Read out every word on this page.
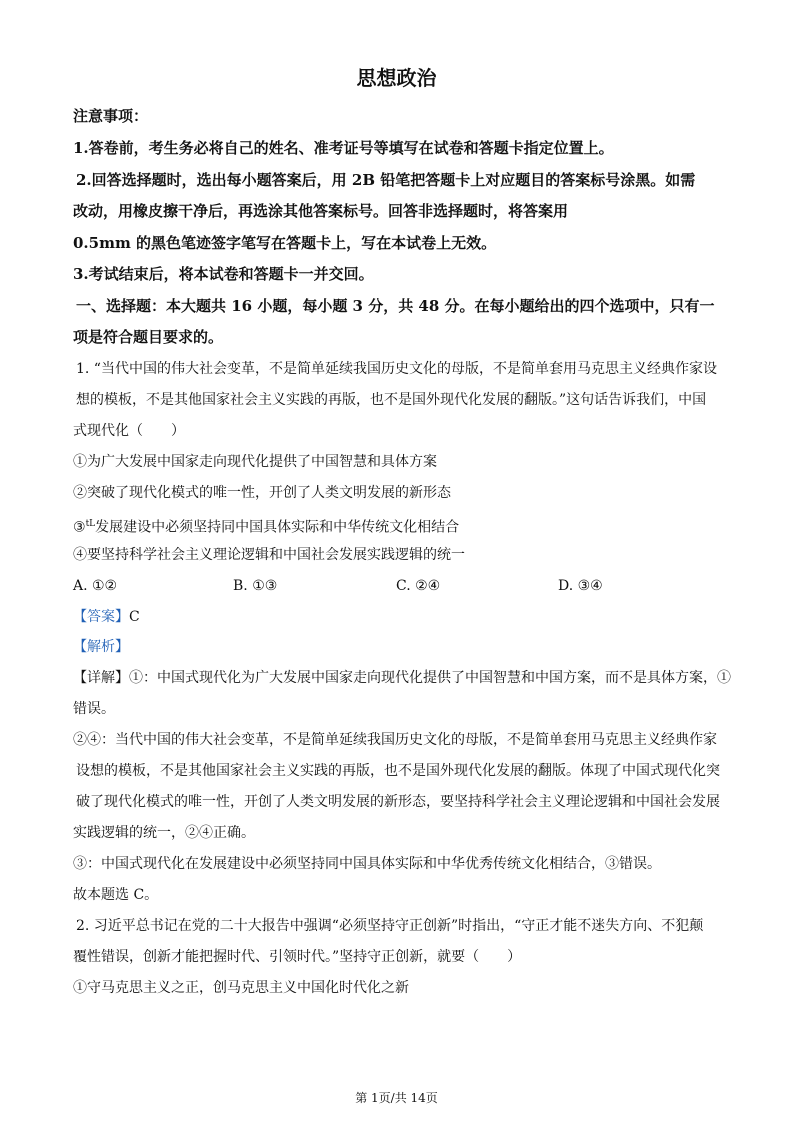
思想政治
注意事项：
1.答卷前，考生务必将自己的姓名、准考证号等填写在试卷和答题卡指定位置上。
2.回答选择题时，选出每小题答案后，用 2B 铅笔把答题卡上对应题目的答案标号涂黑。如需
改动，用橡皮擦干净后，再选涂其他答案标号。回答非选择题时，将答案用
0.5mm 的黑色笔迹签字笔写在答题卡上，写在本试卷上无效。
3.考试结束后，将本试卷和答题卡一并交回。
一、选择题：本大题共 16 小题，每小题 3 分，共 48 分。在每小题给出的四个选项中，只有一
项是符合题目要求的。
1. “当代中国的伟大社会变革，不是简单延续我国历史文化的母版，不是简单套用马克思主义经典作家设
想的模板，不是其他国家社会主义实践的再版，也不是国外现代化发展的翻版。”这句话告诉我们，中国
式现代化（　　）
①为广大发展中国家走向现代化提供了中国智慧和具体方案
②突破了现代化模式的唯一性，开创了人类文明发展的新形态
③$^{tL}$发展建设中必须坚持同中国具体实际和中华传统文化相结合
④要坚持科学社会主义理论逻辑和中国社会发展实践逻辑的统一
A. ①②	B. ①③	C. ②④	D. ③④
【答案】C
【解析】
【详解】①：中国式现代化为广大发展中国家走向现代化提供了中国智慧和中国方案，而不是具体方案，①
错误。
②④：当代中国的伟大社会变革，不是简单延续我国历史文化的母版，不是简单套用马克思主义经典作家
设想的模板，不是其他国家社会主义实践的再版，也不是国外现代化发展的翻版。体现了中国式现代化突
破了现代化模式的唯一性，开创了人类文明发展的新形态，要坚持科学社会主义理论逻辑和中国社会发展
实践逻辑的统一，②④正确。
③：中国式现代化在发展建设中必须坚持同中国具体实际和中华优秀传统文化相结合，③错误。
故本题选 C。
2. 习近平总书记在党的二十大报告中强调“必须坚持守正创新”时指出，“守正才能不迷失方向、不犯颠
覆性错误，创新才能把握时代、引领时代。”坚持守正创新，就要（　　）
①守马克思主义之正，创马克思主义中国化时代化之新
第 1页/共 14页
